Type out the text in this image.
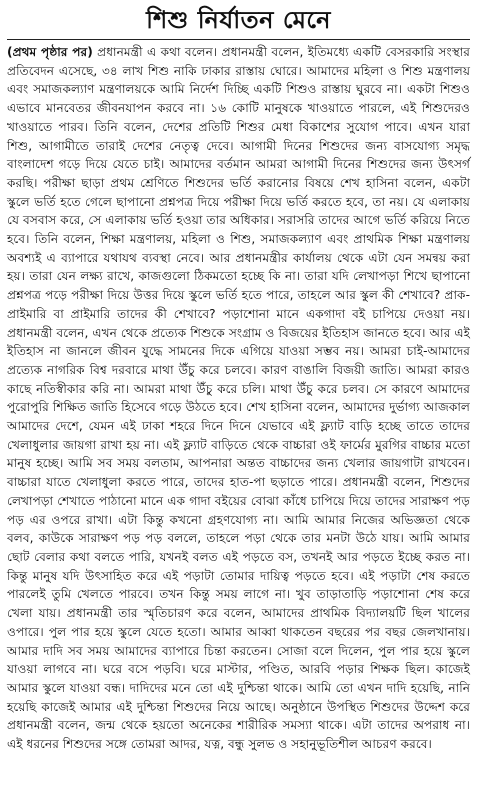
শিশু নির্যাতন মেনে

(প্রথম পৃষ্ঠার পর) প্রধানমন্ত্রী এ কথা বলেন। প্রধানমন্ত্রী বলেন, ইতিমধ্যে একটি বেসরকারি সংস্থার প্রতিবেদন এসেছে, ৩৪ লাখ শিশু নাকি ঢাকার রাস্তায় ঘোরে। আমাদের মহিলা ও শিশু মন্ত্রণালয় এবং সমাজকল্যাণ মন্ত্রণালয়কে আমি নির্দেশ দিচ্ছি একটি শিশুও রাস্তায় ঘুরবে না। একটা শিশুও এভাবে মানবেতর জীবনযাপন করবে না। ১৬ কোটি মানুষকে খাওয়াতে পারলে, এই শিশুদেরও খাওয়াতে পারব। তিনি বলেন, দেশের প্রতিটি শিশুর মেধা বিকাশের সুযোগ পাবে। এখন যারা শিশু, আগামীতে তারাই দেশের নেতৃত্ব দেবে। আগামী দিনের শিশুদের জন্য বাসযোগ্য সমৃদ্ধ বাংলাদেশ গড়ে দিয়ে যেতে চাই। আমাদের বর্তমান আমরা আগামী দিনের শিশুদের জন্য উৎসর্গ করছি। পরীক্ষা ছাড়া প্রথম শ্রেণিতে শিশুদের ভর্তি করানোর বিষয়ে শেখ হাসিনা বলেন, একটা স্কুলে ভর্তি হতে গেলে ছাপানো প্রশ্নপত্র দিয়ে পরীক্ষা দিয়ে ভর্তি করতে হবে, তা নয়। যে এলাকায় যে বসবাস করে, সে এলাকায় ভর্তি হওয়া তার অধিকার। সরাসরি তাদের আগে ভর্তি করিয়ে নিতে হবে। তিনি বলেন, শিক্ষা মন্ত্রণালয়, মহিলা ও শিশু, সমাজকল্যাণ এবং প্রাথমিক শিক্ষা মন্ত্রণালয় অবশ্যই এ ব্যাপারে যথাযথ ব্যবস্থা নেবে। আর প্রধানমন্ত্রীর কার্যালয় থেকে এটা যেন সমন্বয় করা হয়। তারা যেন লক্ষ্য রাখে, কাজগুলো ঠিকমতো হচ্ছে কি না। তারা যদি লেখাপড়া শিখে ছাপানো প্রশ্নপত্র পড়ে পরীক্ষা দিয়ে উত্তর দিয়ে স্কুলে ভর্তি হতে পারে, তাহলে আর স্কুল কী শেখাবে? প্রাক-প্রাইমারি বা প্রাইমারি তাদের কী শেখাবে? পড়াশোনা মানে একগাদা বই চাপিয়ে দেওয়া নয়। প্রধানমন্ত্রী বলেন, এখন থেকে প্রত্যেক শিশুকে সংগ্রাম ও বিজয়ের ইতিহাস জানতে হবে। আর এই ইতিহাস না জানলে জীবন যুদ্ধে সামনের দিকে এগিয়ে যাওয়া সম্ভব নয়। আমরা চাই-আমাদের প্রত্যেক নাগরিক বিশ্ব দরবারে মাথা উঁচু করে চলবে। কারণ বাঙালি বিজয়ী জাতি। আমরা কারও কাছে নতিস্বীকার করি না। আমরা মাথা উঁচু করে চলি। মাথা উঁচু করে চলব। সে কারণে আমাদের পুরোপুরি শিক্ষিত জাতি হিসেবে গড়ে উঠতে হবে। শেখ হাসিনা বলেন, আমাদের দুর্ভাগ্য আজকাল আমাদের দেশে, যেমন এই ঢাকা শহরে দিনে দিনে যেভাবে এই ফ্ল্যাট বাড়ি হচ্ছে তাতে তাদের খেলাধুলার জায়গা রাখা হয় না। এই ফ্ল্যাট বাড়িতে থেকে বাচ্চারা ওই ফার্মের মুরগির বাচ্চার মতো মানুষ হচ্ছে। আমি সব সময় বলতাম, আপনারা অন্তত বাচ্চাদের জন্য খেলার জায়গাটা রাখবেন। বাচ্চারা যাতে খেলাধুলা করতে পারে, তাদের হাত-পা ছড়াতে পারে। প্রধানমন্ত্রী বলেন, শিশুদের লেখাপড়া শেখাতে পাঠানো মানে এক গাদা বইয়ের বোঝা কাঁধে চাপিয়ে দিয়ে তাদের সারাক্ষণ পড় পড় এর ওপরে রাখা। এটা কিন্তু কখনো গ্রহণযোগ্য না। আমি আমার নিজের অভিজ্ঞতা থেকে বলব, কাউকে সারাক্ষণ পড় পড় বললে, তাহলে পড়া থেকে তার মনটা উঠে যায়। আমি আমার ছোট বেলার কথা বলতে পারি, যখনই বলত এই পড়তে বস, তখনই আর পড়তে ইচ্ছে করত না। কিন্তু মানুষ যদি উৎসাহিত করে এই পড়াটা তোমার দায়িত্ব পড়তে হবে। এই পড়াটা শেষ করতে পারলেই তুমি খেলতে পারবে। তখন কিন্তু সময় লাগে না। খুব তাড়াতাড়ি পড়াশোনা শেষ করে খেলা যায়। প্রধানমন্ত্রী তার স্মৃতিচারণ করে বলেন, আমাদের প্রাথমিক বিদ্যালয়টি ছিল খালের ওপারে। পুল পার হয়ে স্কুলে যেতে হতো। আমার আব্বা থাকতেন বছরের পর বছর জেলখানায়। আমার দাদি সব সময় আমাদের ব্যাপারে চিন্তা করতেন। সোজা বলে দিলেন, পুল পার হয়ে স্কুলে যাওয়া লাগবে না। ঘরে বসে পড়বি। ঘরে মাস্টার, পণ্ডিত, আরবি পড়ার শিক্ষক ছিল। কাজেই আমার স্কুলে যাওয়া বন্ধ। দাদিদের মনে তো এই দুশ্চিন্তা থাকে। আমি তো এখন দাদি হয়েছি, নানি হয়েছি কাজেই আমার এই দুশ্চিন্তা শিশুদের নিয়ে আছে। অনুষ্ঠানে উপস্থিত শিশুদের উদ্দেশ করে প্রধানমন্ত্রী বলেন, জন্ম থেকে হয়তো অনেকের শারীরিক সমস্যা থাকে। এটা তাদের অপরাধ না। এই ধরনের শিশুদের সঙ্গে তোমরা আদর, যত্ন, বন্ধু সুলভ ও সহানুভূতিশীল আচরণ করবে।
